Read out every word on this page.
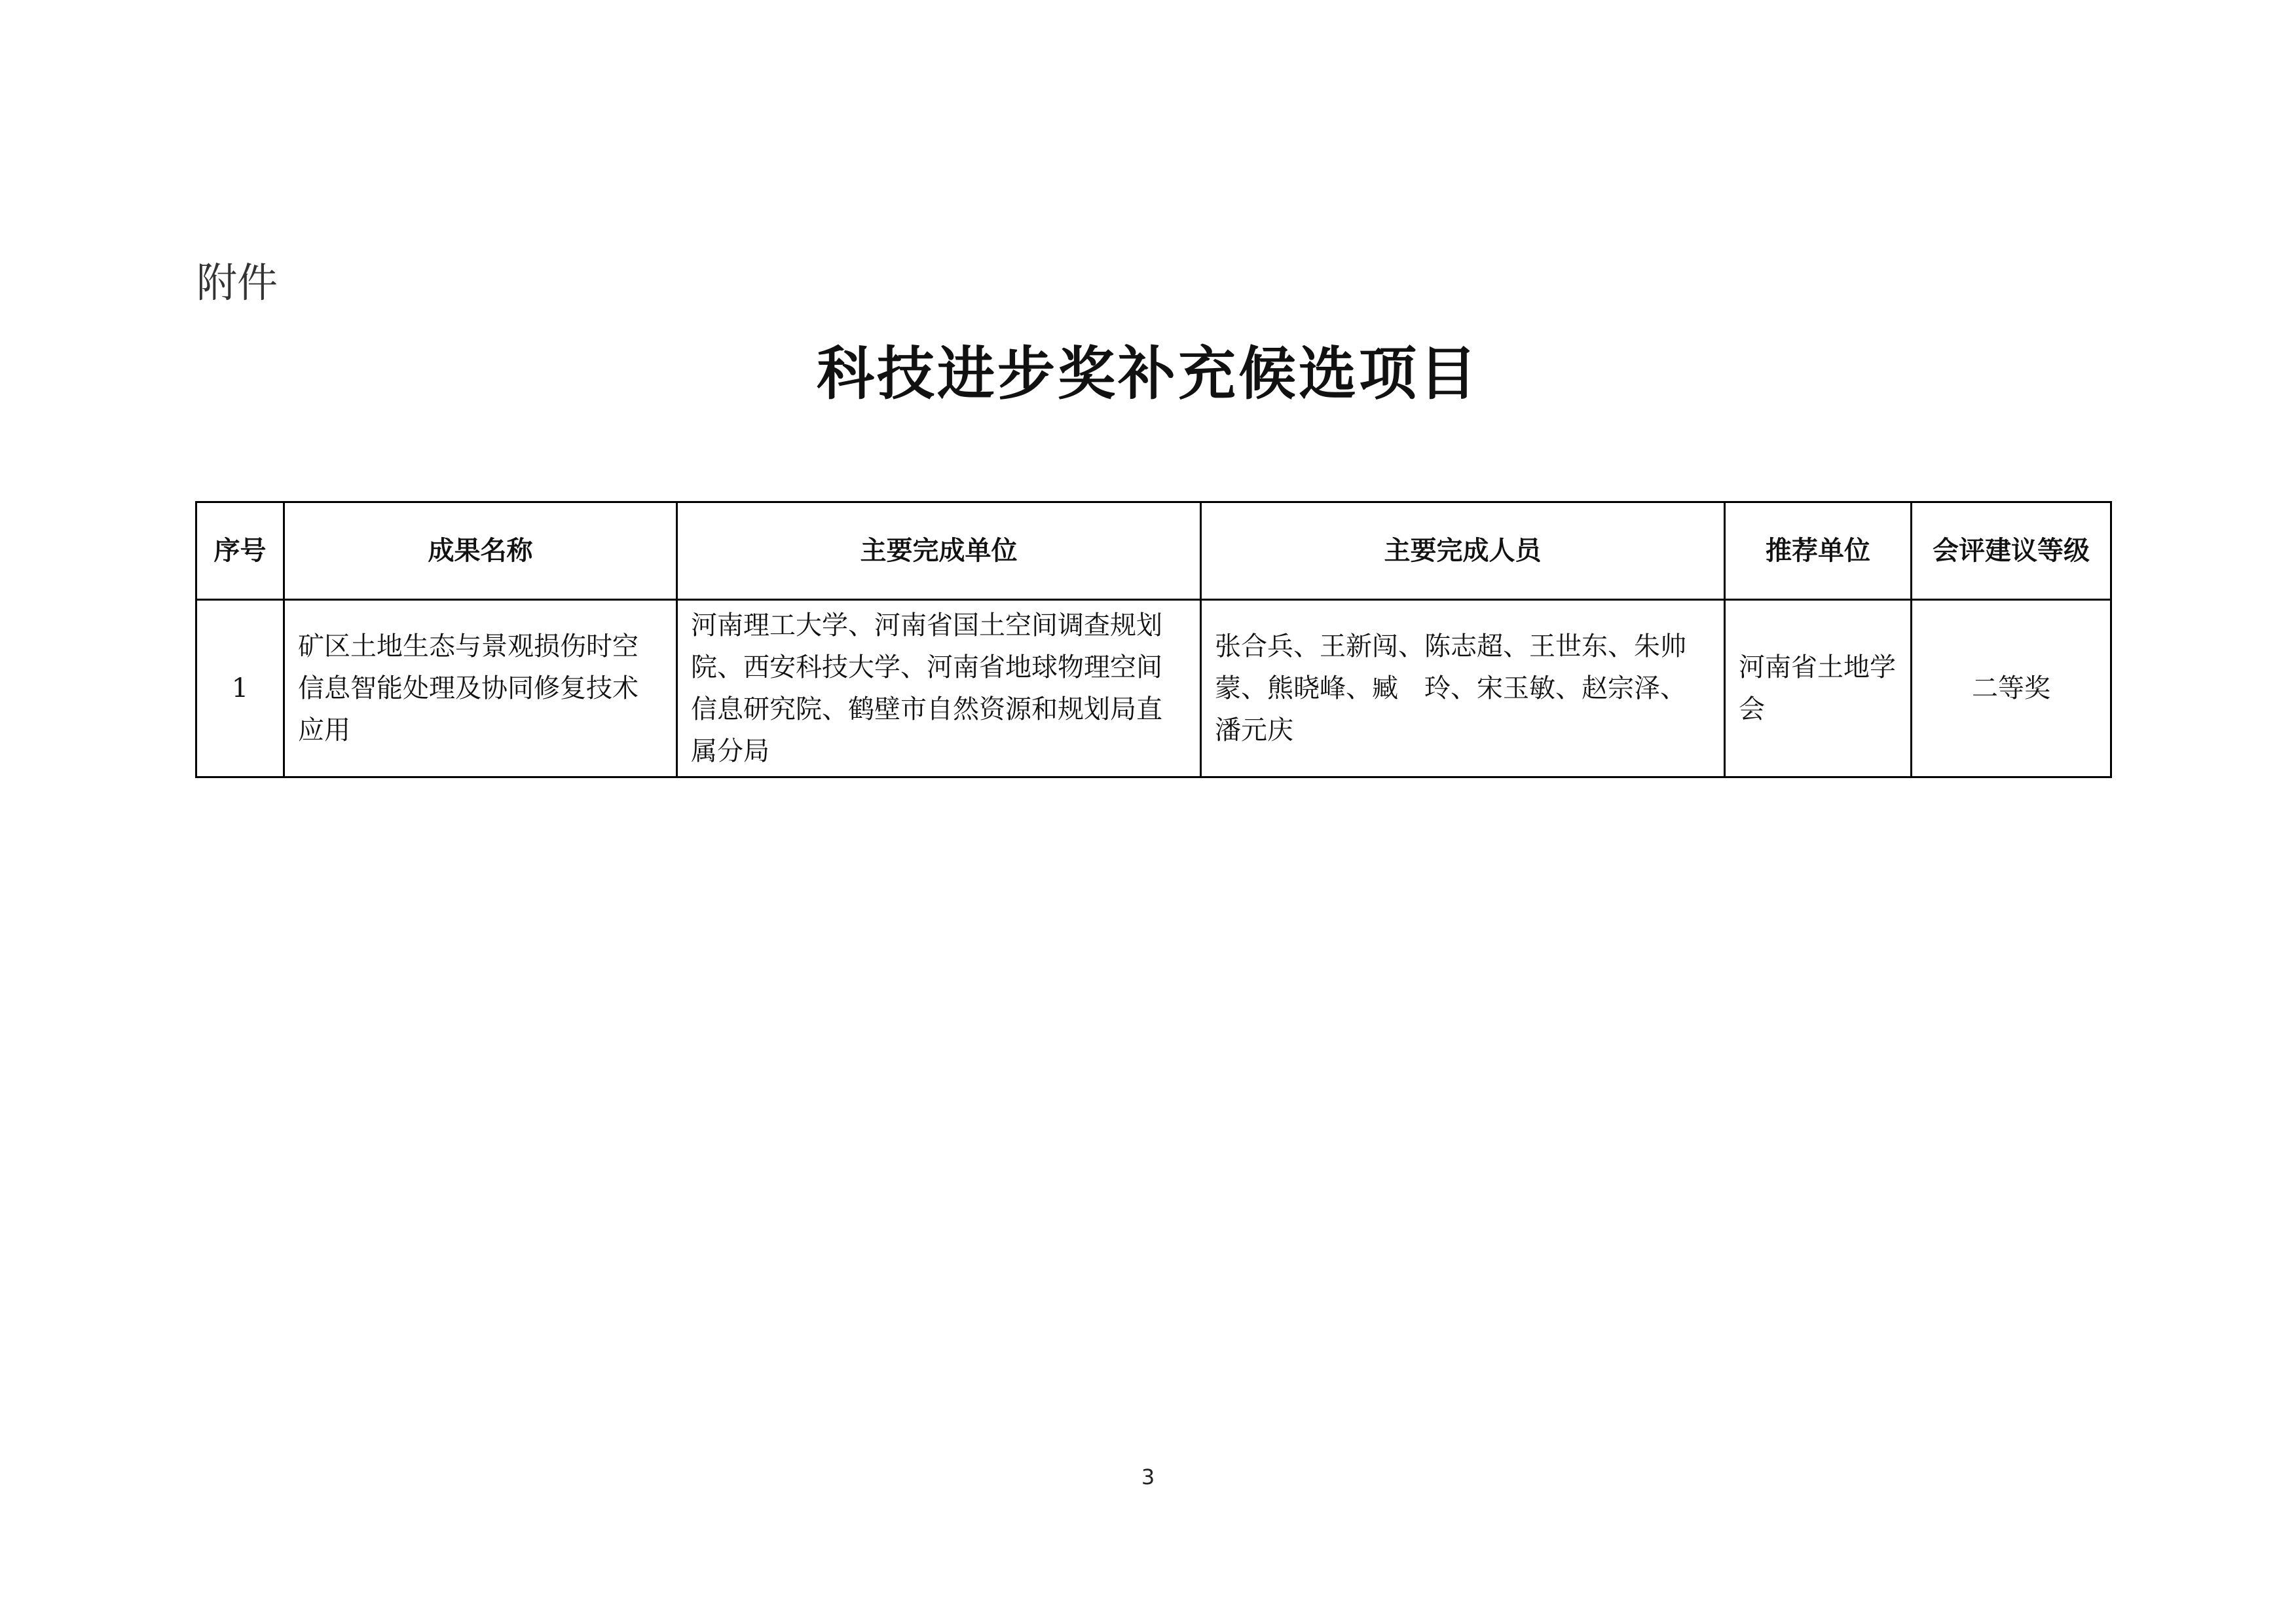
附件
科技进步奖补充候选项目
序号	成果名称	主要完成单位	主要完成人员	推荐单位	会评建议等级
1	矿区土地生态与景观损伤时空信息智能处理及协同修复技术应用	河南理工大学、河南省国土空间调查规划院、西安科技大学、河南省地球物理空间信息研究院、鹤壁市自然资源和规划局直属分局	张合兵、王新闯、陈志超、王世东、朱帅蒙、熊晓峰、臧　玲、宋玉敏、赵宗泽、潘元庆	河南省土地学会	二等奖
3
